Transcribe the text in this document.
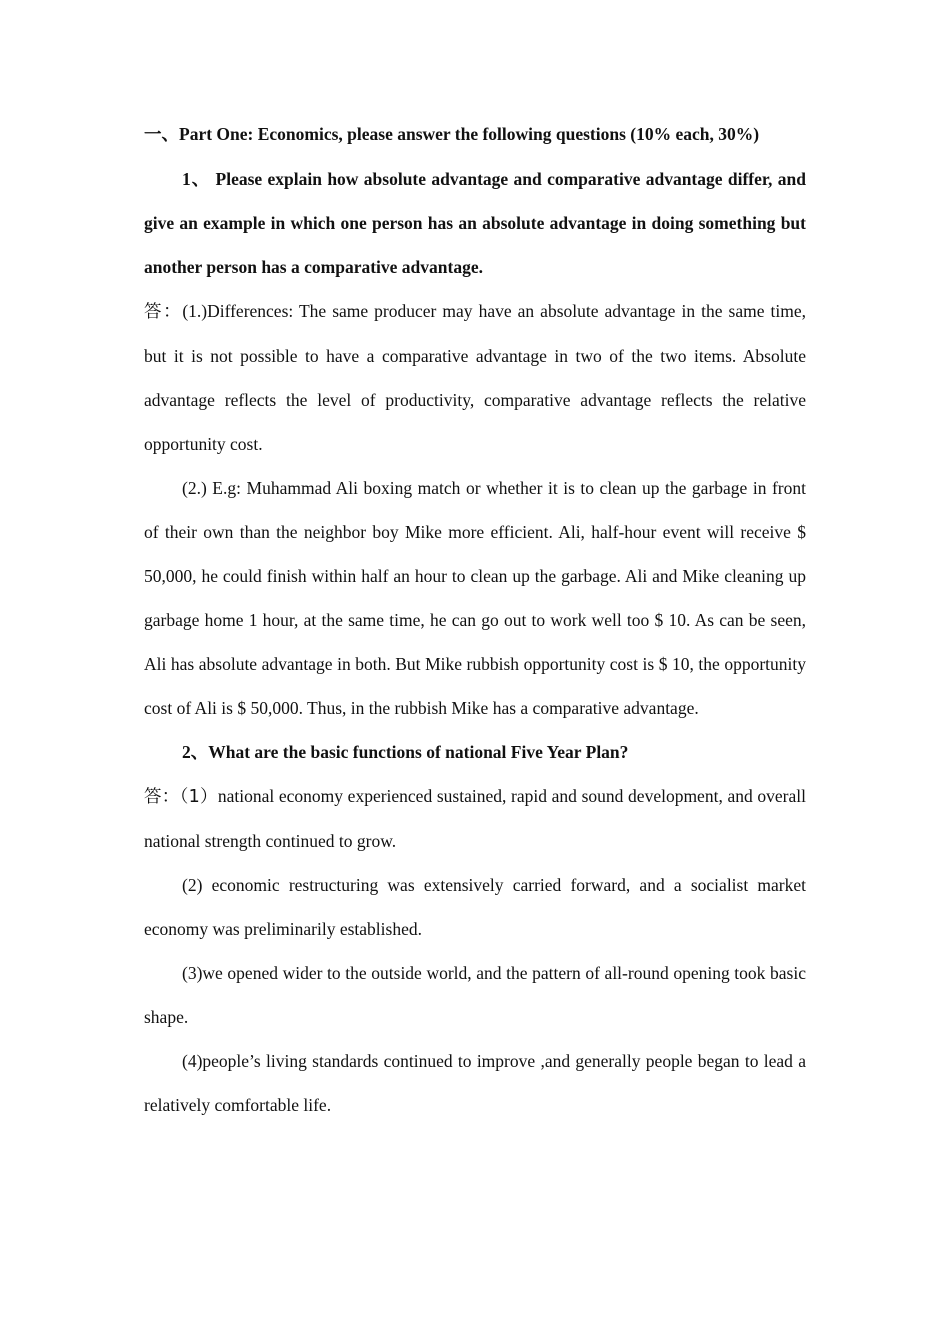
一、Part One: Economics, please answer the following questions (10% each, 30%)

1、 Please explain how absolute advantage and comparative advantage differ, and give an example in which one person has an absolute advantage in doing something but another person has a comparative advantage.

答：(1.)Differences: The same producer may have an absolute advantage in the same time, but it is not possible to have a comparative advantage in two of the two items. Absolute advantage reflects the level of productivity, comparative advantage reflects the relative opportunity cost.

(2.) E.g: Muhammad Ali boxing match or whether it is to clean up the garbage in front of their own than the neighbor boy Mike more efficient. Ali, half-hour event will receive $ 50,000, he could finish within half an hour to clean up the garbage. Ali and Mike cleaning up garbage home 1 hour, at the same time, he can go out to work well too $ 10. As can be seen, Ali has absolute advantage in both. But Mike rubbish opportunity cost is $ 10, the opportunity cost of Ali is $ 50,000. Thus, in the rubbish Mike has a comparative advantage.

2、What are the basic functions of national Five Year Plan?

答：（1）national economy experienced sustained, rapid and sound development, and overall national strength continued to grow.

(2) economic restructuring was extensively carried forward, and a socialist market economy was preliminarily established.

(3)we opened wider to the outside world, and the pattern of all-round opening took basic shape.

(4)people’s living standards continued to improve ,and generally people began to lead a relatively comfortable life.
